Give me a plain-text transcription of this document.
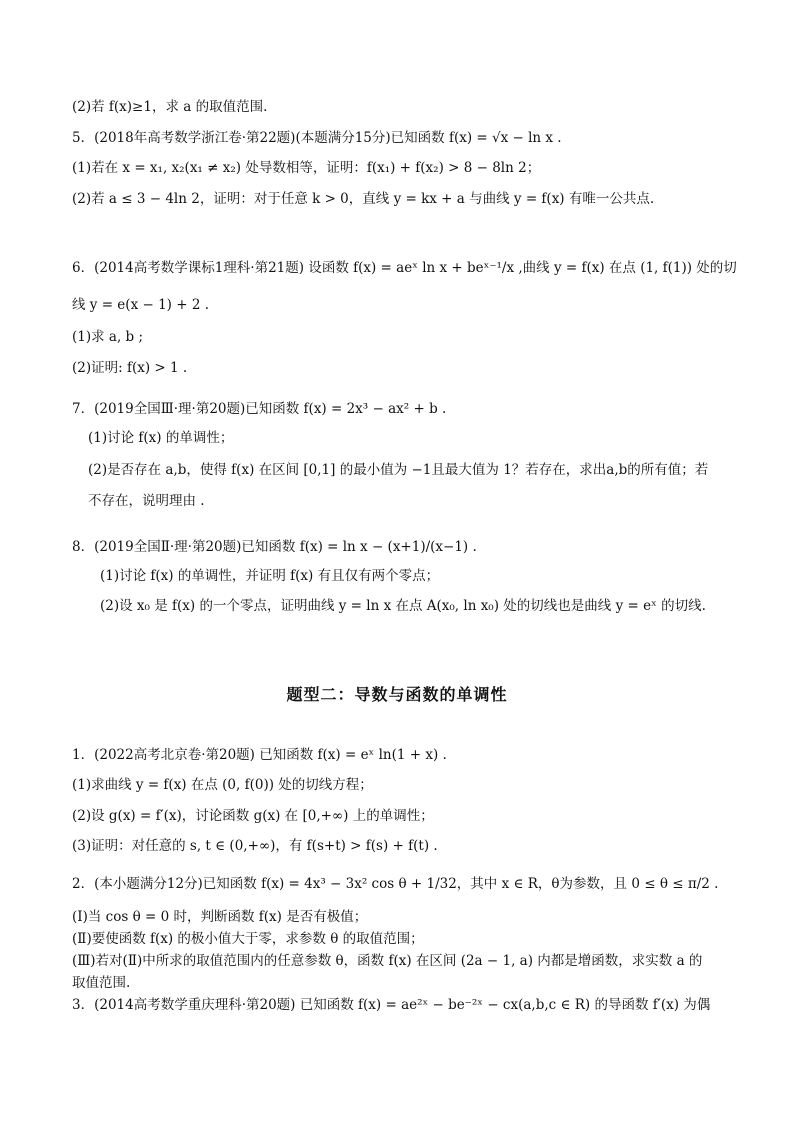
(2)若 f(x)≥1，求 a 的取值范围.
5．(2018年高考数学浙江卷·第22题)(本题满分15分)已知函数 f(x) = √x − ln x .
(1)若在 x = x₁, x₂(x₁ ≠ x₂) 处导数相等，证明：f(x₁) + f(x₂) > 8 − 8ln 2；
(2)若 a ≤ 3 − 4ln 2，证明：对于任意 k > 0，直线 y = kx + a 与曲线 y = f(x) 有唯一公共点.
6．(2014高考数学课标1理科·第21题) 设函数 f(x) = aeˣ ln x + beˣ⁻¹/x ,曲线 y = f(x) 在点 (1, f(1)) 处的切
线 y = e(x − 1) + 2 .
(1)求 a, b ;
(2)证明: f(x) > 1 .
7．(2019全国Ⅲ·理·第20题)已知函数 f(x) = 2x³ − ax² + b .
(1)讨论 f(x) 的单调性；
(2)是否存在 a,b，使得 f(x) 在区间 [0,1] 的最小值为 −1且最大值为 1？若存在，求出a,b的所有值；若
不存在，说明理由 .
8．(2019全国Ⅱ·理·第20题)已知函数 f(x) = ln x − (x+1)/(x−1) .
(1)讨论 f(x) 的单调性，并证明 f(x) 有且仅有两个零点；
(2)设 x₀ 是 f(x) 的一个零点，证明曲线 y = ln x 在点 A(x₀, ln x₀) 处的切线也是曲线 y = eˣ 的切线.
题型二：导数与函数的单调性
1．(2022高考北京卷·第20题) 已知函数 f(x) = eˣ ln(1 + x) .
(1)求曲线 y = f(x) 在点 (0, f(0)) 处的切线方程；
(2)设 g(x) = f′(x)，讨论函数 g(x) 在 [0,+∞) 上的单调性；
(3)证明：对任意的 s, t ∈ (0,+∞)，有 f(s+t) > f(s) + f(t) .
2．(本小题满分12分)已知函数 f(x) = 4x³ − 3x² cos θ + 1/32，其中 x ∈ R，θ为参数，且 0 ≤ θ ≤ π/2 .
(Ⅰ)当 cos θ = 0 时，判断函数 f(x) 是否有极值；
(Ⅱ)要使函数 f(x) 的极小值大于零，求参数 θ 的取值范围；
(Ⅲ)若对(Ⅱ)中所求的取值范围内的任意参数 θ，函数 f(x) 在区间 (2a − 1, a) 内都是增函数，求实数 a 的
取值范围.
3．(2014高考数学重庆理科·第20题) 已知函数 f(x) = ae²ˣ − be⁻²ˣ − cx(a,b,c ∈ R) 的导函数 f′(x) 为偶
